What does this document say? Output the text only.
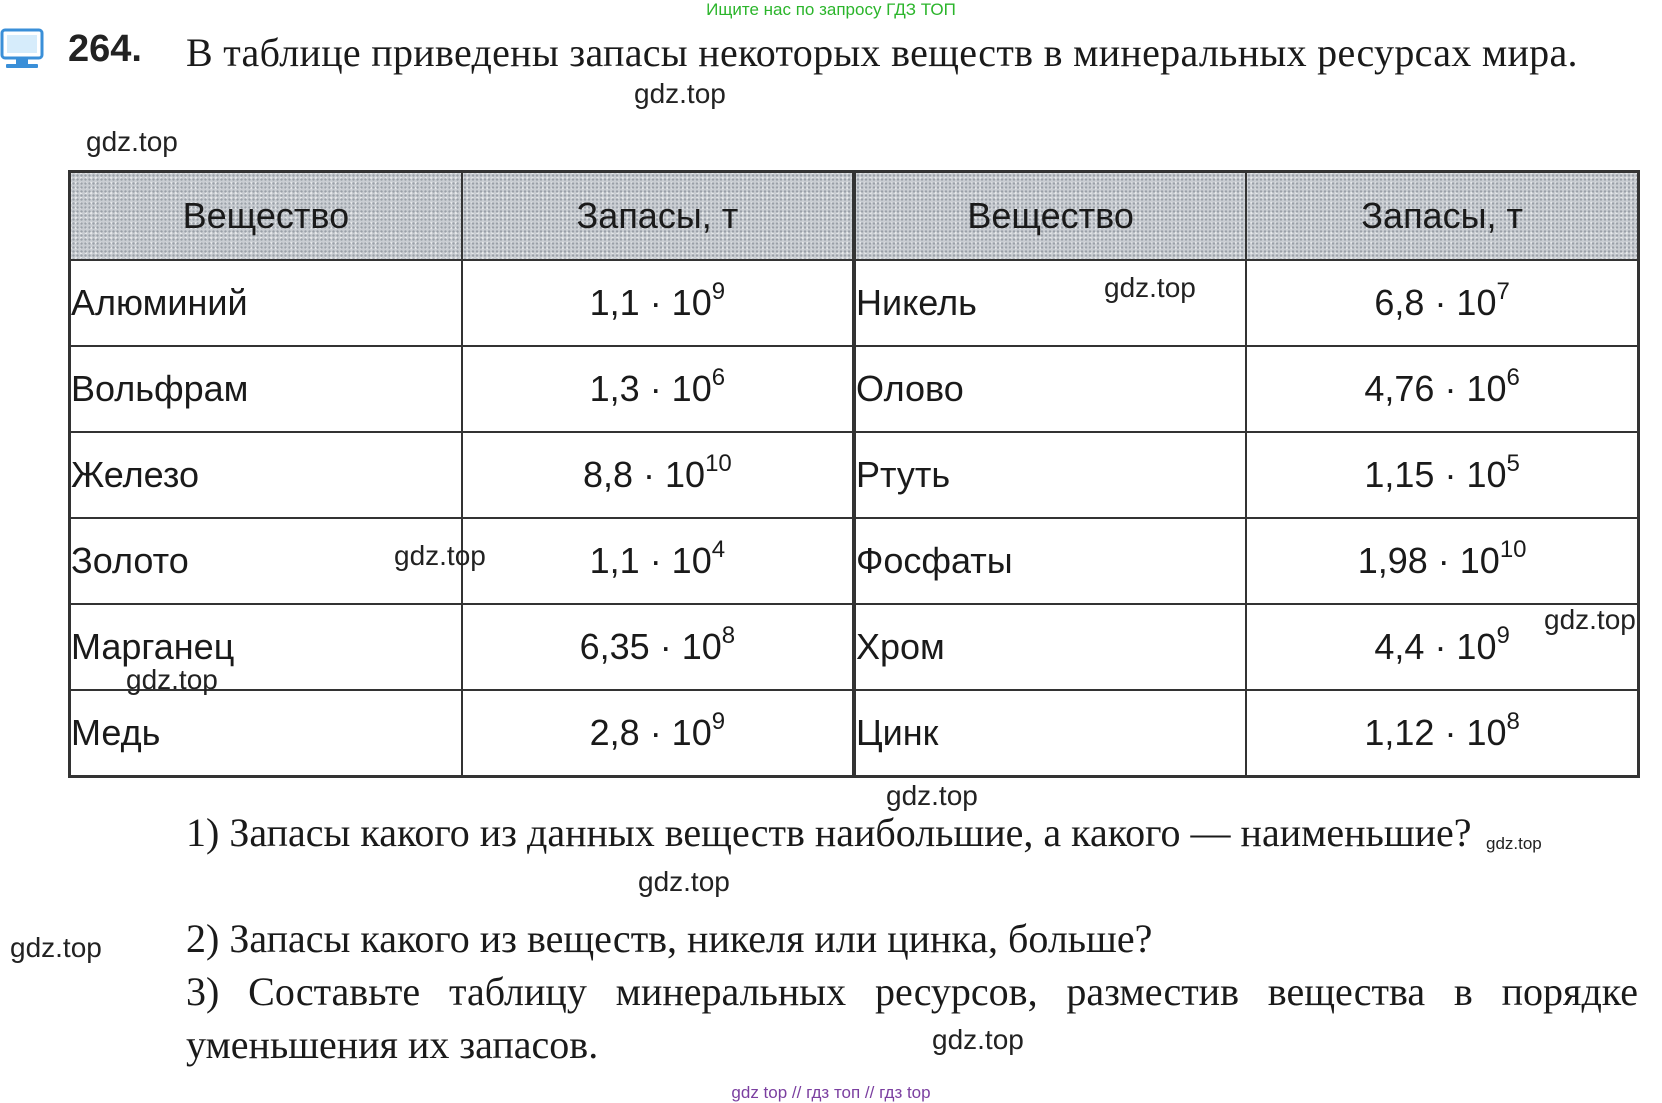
Ищите нас по запросу ГДЗ ТОП
264. В таблице приведены запасы некоторых веществ в минеральных ресурсах мира.
Вещество	Запасы, т	Вещество	Запасы, т
Алюминий	$1,1 \cdot 10^9$	Никель	$6,8 \cdot 10^7$
Вольфрам	$1,3 \cdot 10^6$	Олово	$4,76 \cdot 10^6$
Железо	$8,8 \cdot 10^{10}$	Ртуть	$1,15 \cdot 10^5$
Золото	$1,1 \cdot 10^4$	Фосфаты	$1,98 \cdot 10^{10}$
Марганец	$6,35 \cdot 10^8$	Хром	$4,4 \cdot 10^9$
Медь	$2,8 \cdot 10^9$	Цинк	$1,12 \cdot 10^8$
1) Запасы какого из данных веществ наибольшие, а какого — наименьшие?
2) Запасы какого из веществ, никеля или цинка, больше?
3) Составьте таблицу минеральных ресурсов, разместив вещества в порядке уменьшения их запасов.
gdz.top
gdz.top
gdz.top
gdz.top
gdz.top
gdz.top
gdz.top
gdz.top
gdz.top
gdz.top
gdz.top
gdz top // гдз топ // гдз top
